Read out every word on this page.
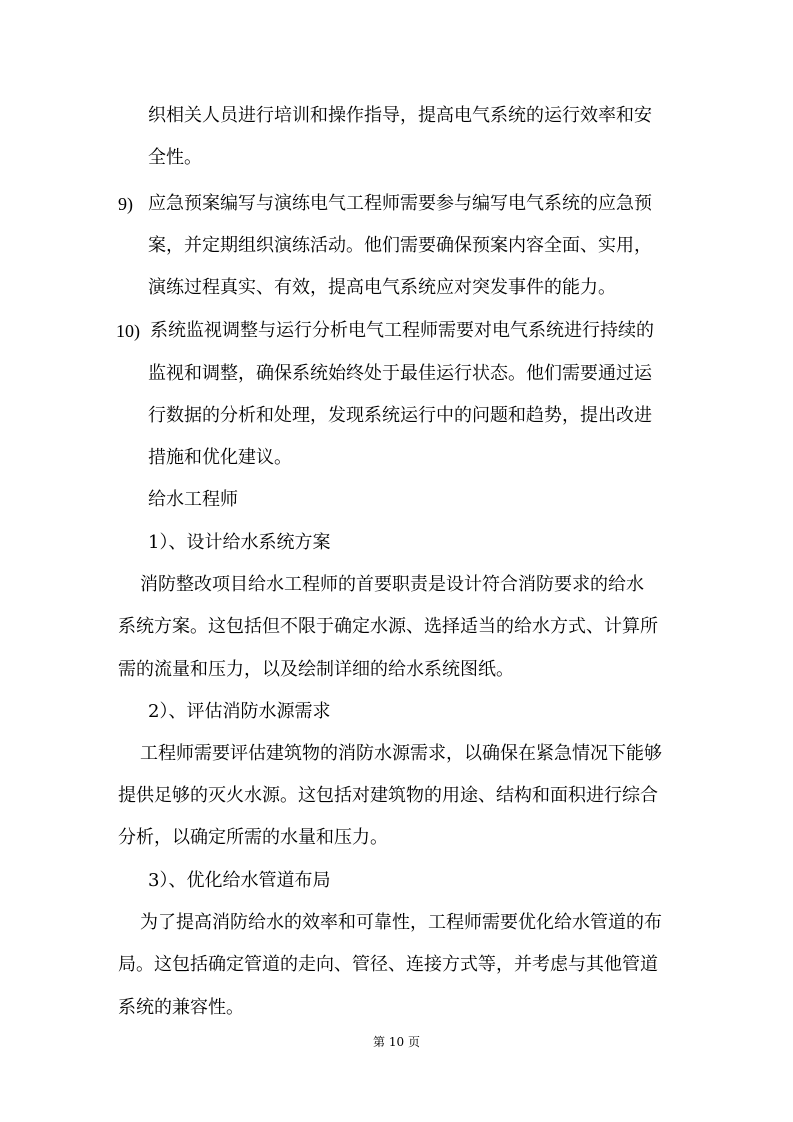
织相关人员进行培训和操作指导，提高电气系统的运行效率和安
全性。
9) 应急预案编写与演练电气工程师需要参与编写电气系统的应急预
案，并定期组织演练活动。他们需要确保预案内容全面、实用，
演练过程真实、有效，提高电气系统应对突发事件的能力。
10) 系统监视调整与运行分析电气工程师需要对电气系统进行持续的
监视和调整，确保系统始终处于最佳运行状态。他们需要通过运
行数据的分析和处理，发现系统运行中的问题和趋势，提出改进
措施和优化建议。
给水工程师
1）、设计给水系统方案
消防整改项目给水工程师的首要职责是设计符合消防要求的给水
系统方案。这包括但不限于确定水源、选择适当的给水方式、计算所
需的流量和压力，以及绘制详细的给水系统图纸。
2）、评估消防水源需求
工程师需要评估建筑物的消防水源需求，以确保在紧急情况下能够
提供足够的灭火水源。这包括对建筑物的用途、结构和面积进行综合
分析，以确定所需的水量和压力。
3）、优化给水管道布局
为了提高消防给水的效率和可靠性，工程师需要优化给水管道的布
局。这包括确定管道的走向、管径、连接方式等，并考虑与其他管道
系统的兼容性。
第 10 页
